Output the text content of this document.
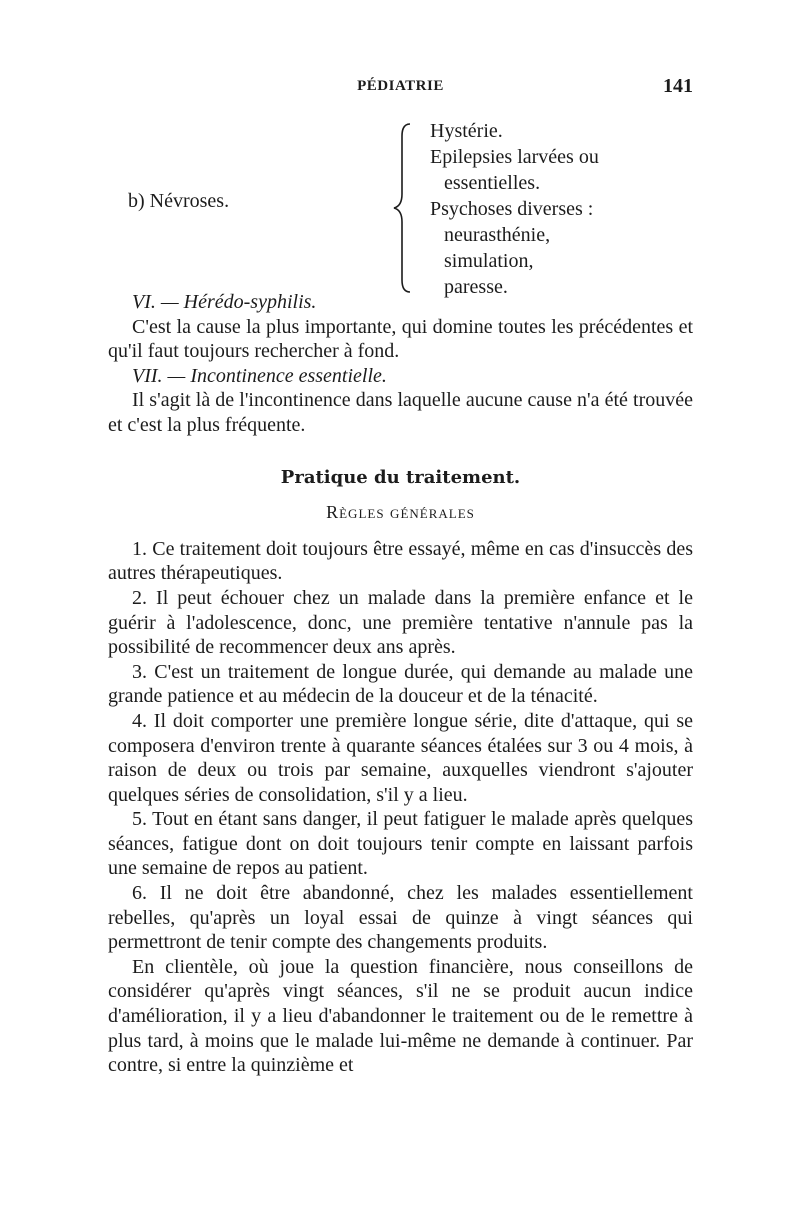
PÉDIATRIE	141
b) Névroses.
Hystérie.
Epilepsies larvées ou essentielles.
Psychoses diverses :
neurasthénie,
simulation,
paresse.

VI. — Hérédo-syphilis.

C'est la cause la plus importante, qui domine toutes les précédentes et qu'il faut toujours rechercher à fond.

VII. — Incontinence essentielle.

Il s'agit là de l'incontinence dans laquelle aucune cause n'a été trouvée et c'est la plus fréquente.

Pratique du traitement.

Règles générales

1. Ce traitement doit toujours être essayé, même en cas d'insuccès des autres thérapeutiques.

2. Il peut échouer chez un malade dans la première enfance et le guérir à l'adolescence, donc, une première tentative n'annule pas la possibilité de recommencer deux ans après.

3. C'est un traitement de longue durée, qui demande au malade une grande patience et au médecin de la douceur et de la ténacité.

4. Il doit comporter une première longue série, dite d'attaque, qui se composera d'environ trente à quarante séances étalées sur 3 ou 4 mois, à raison de deux ou trois par semaine, auxquelles viendront s'ajouter quelques séries de consolidation, s'il y a lieu.

5. Tout en étant sans danger, il peut fatiguer le malade après quelques séances, fatigue dont on doit toujours tenir compte en laissant parfois une semaine de repos au patient.

6. Il ne doit être abandonné, chez les malades essentiellement rebelles, qu'après un loyal essai de quinze à vingt séances qui permettront de tenir compte des changements produits.

En clientèle, où joue la question financière, nous conseillons de considérer qu'après vingt séances, s'il ne se produit aucun indice d'amélioration, il y a lieu d'abandonner le traitement ou de le remettre à plus tard, à moins que le malade lui-même ne demande à continuer. Par contre, si entre la quinzième et
